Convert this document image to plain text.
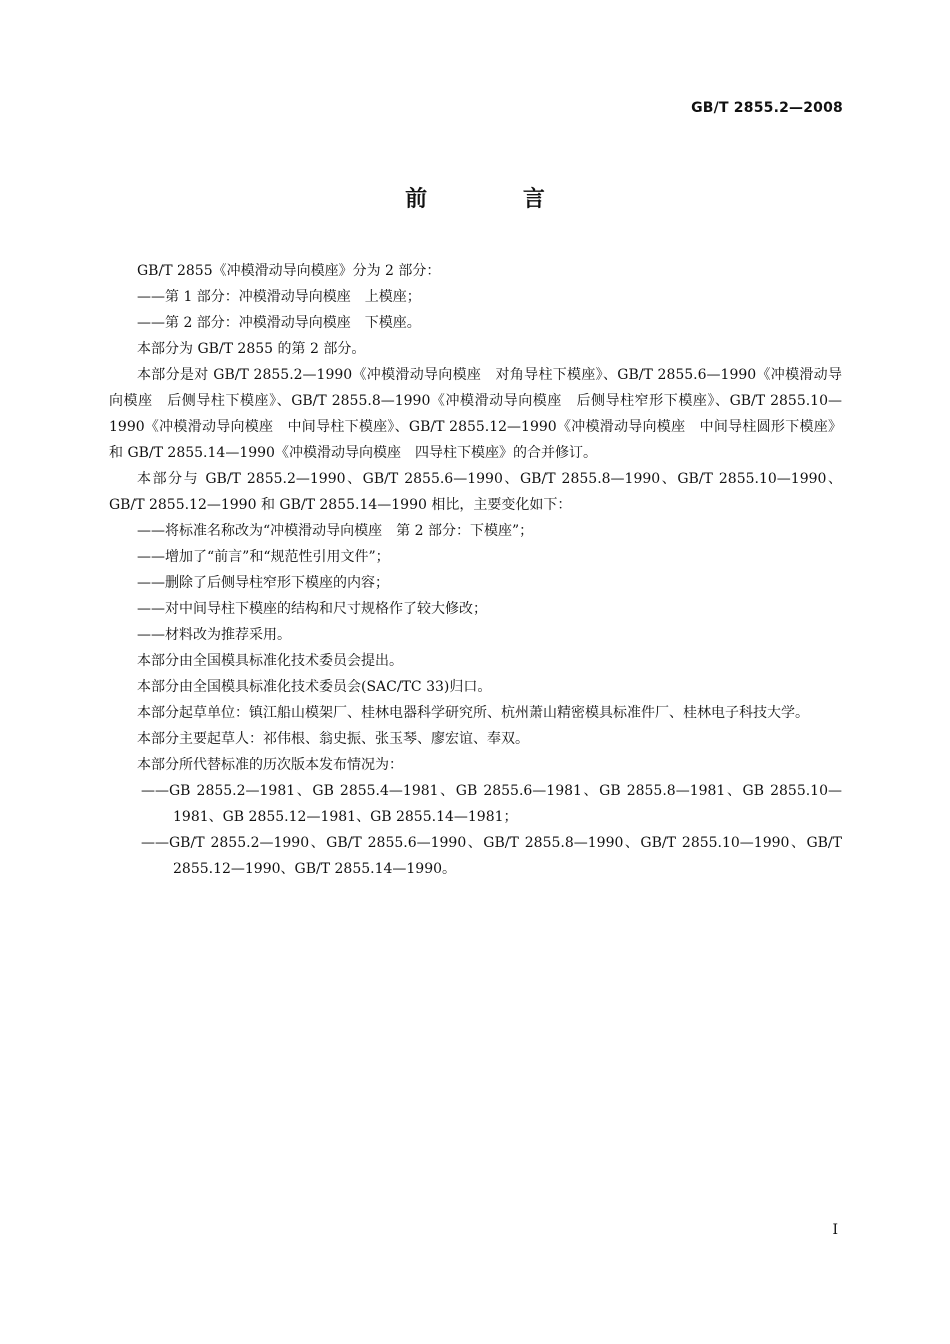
GB/T 2855.2—2008
前 言

GB/T 2855《冲模滑动导向模座》分为 2 部分：

——第 1 部分：冲模滑动导向模座　上模座；

——第 2 部分：冲模滑动导向模座　下模座。

本部分为 GB/T 2855 的第 2 部分。

本部分是对 GB/T 2855.2—1990《冲模滑动导向模座　对角导柱下模座》、GB/T 2855.6—1990《冲模滑动导向模座　后侧导柱下模座》、GB/T 2855.8—1990《冲模滑动导向模座　后侧导柱窄形下模座》、GB/T 2855.10—1990《冲模滑动导向模座　中间导柱下模座》、GB/T 2855.12—1990《冲模滑动导向模座　中间导柱圆形下模座》和 GB/T 2855.14—1990《冲模滑动导向模座　四导柱下模座》的合并修订。

本部分与 GB/T 2855.2—1990、GB/T 2855.6—1990、GB/T 2855.8—1990、GB/T 2855.10—1990、GB/T 2855.12—1990 和 GB/T 2855.14—1990 相比，主要变化如下：

——将标准名称改为“冲模滑动导向模座　第 2 部分：下模座”；

——增加了“前言”和“规范性引用文件”；

——删除了后侧导柱窄形下模座的内容；

——对中间导柱下模座的结构和尺寸规格作了较大修改；

——材料改为推荐采用。

本部分由全国模具标准化技术委员会提出。

本部分由全国模具标准化技术委员会(SAC/TC 33)归口。

本部分起草单位：镇江船山模架厂、桂林电器科学研究所、杭州萧山精密模具标准件厂、桂林电子科技大学。

本部分主要起草人：祁伟根、翁史振、张玉琴、廖宏谊、奉双。

本部分所代替标准的历次版本发布情况为：

——GB 2855.2—1981、GB 2855.4—1981、GB 2855.6—1981、GB 2855.8—1981、GB 2855.10—1981、GB 2855.12—1981、GB 2855.14—1981；

——GB/T 2855.2—1990、GB/T 2855.6—1990、GB/T 2855.8—1990、GB/T 2855.10—1990、GB/T 2855.12—1990、GB/T 2855.14—1990。

I
